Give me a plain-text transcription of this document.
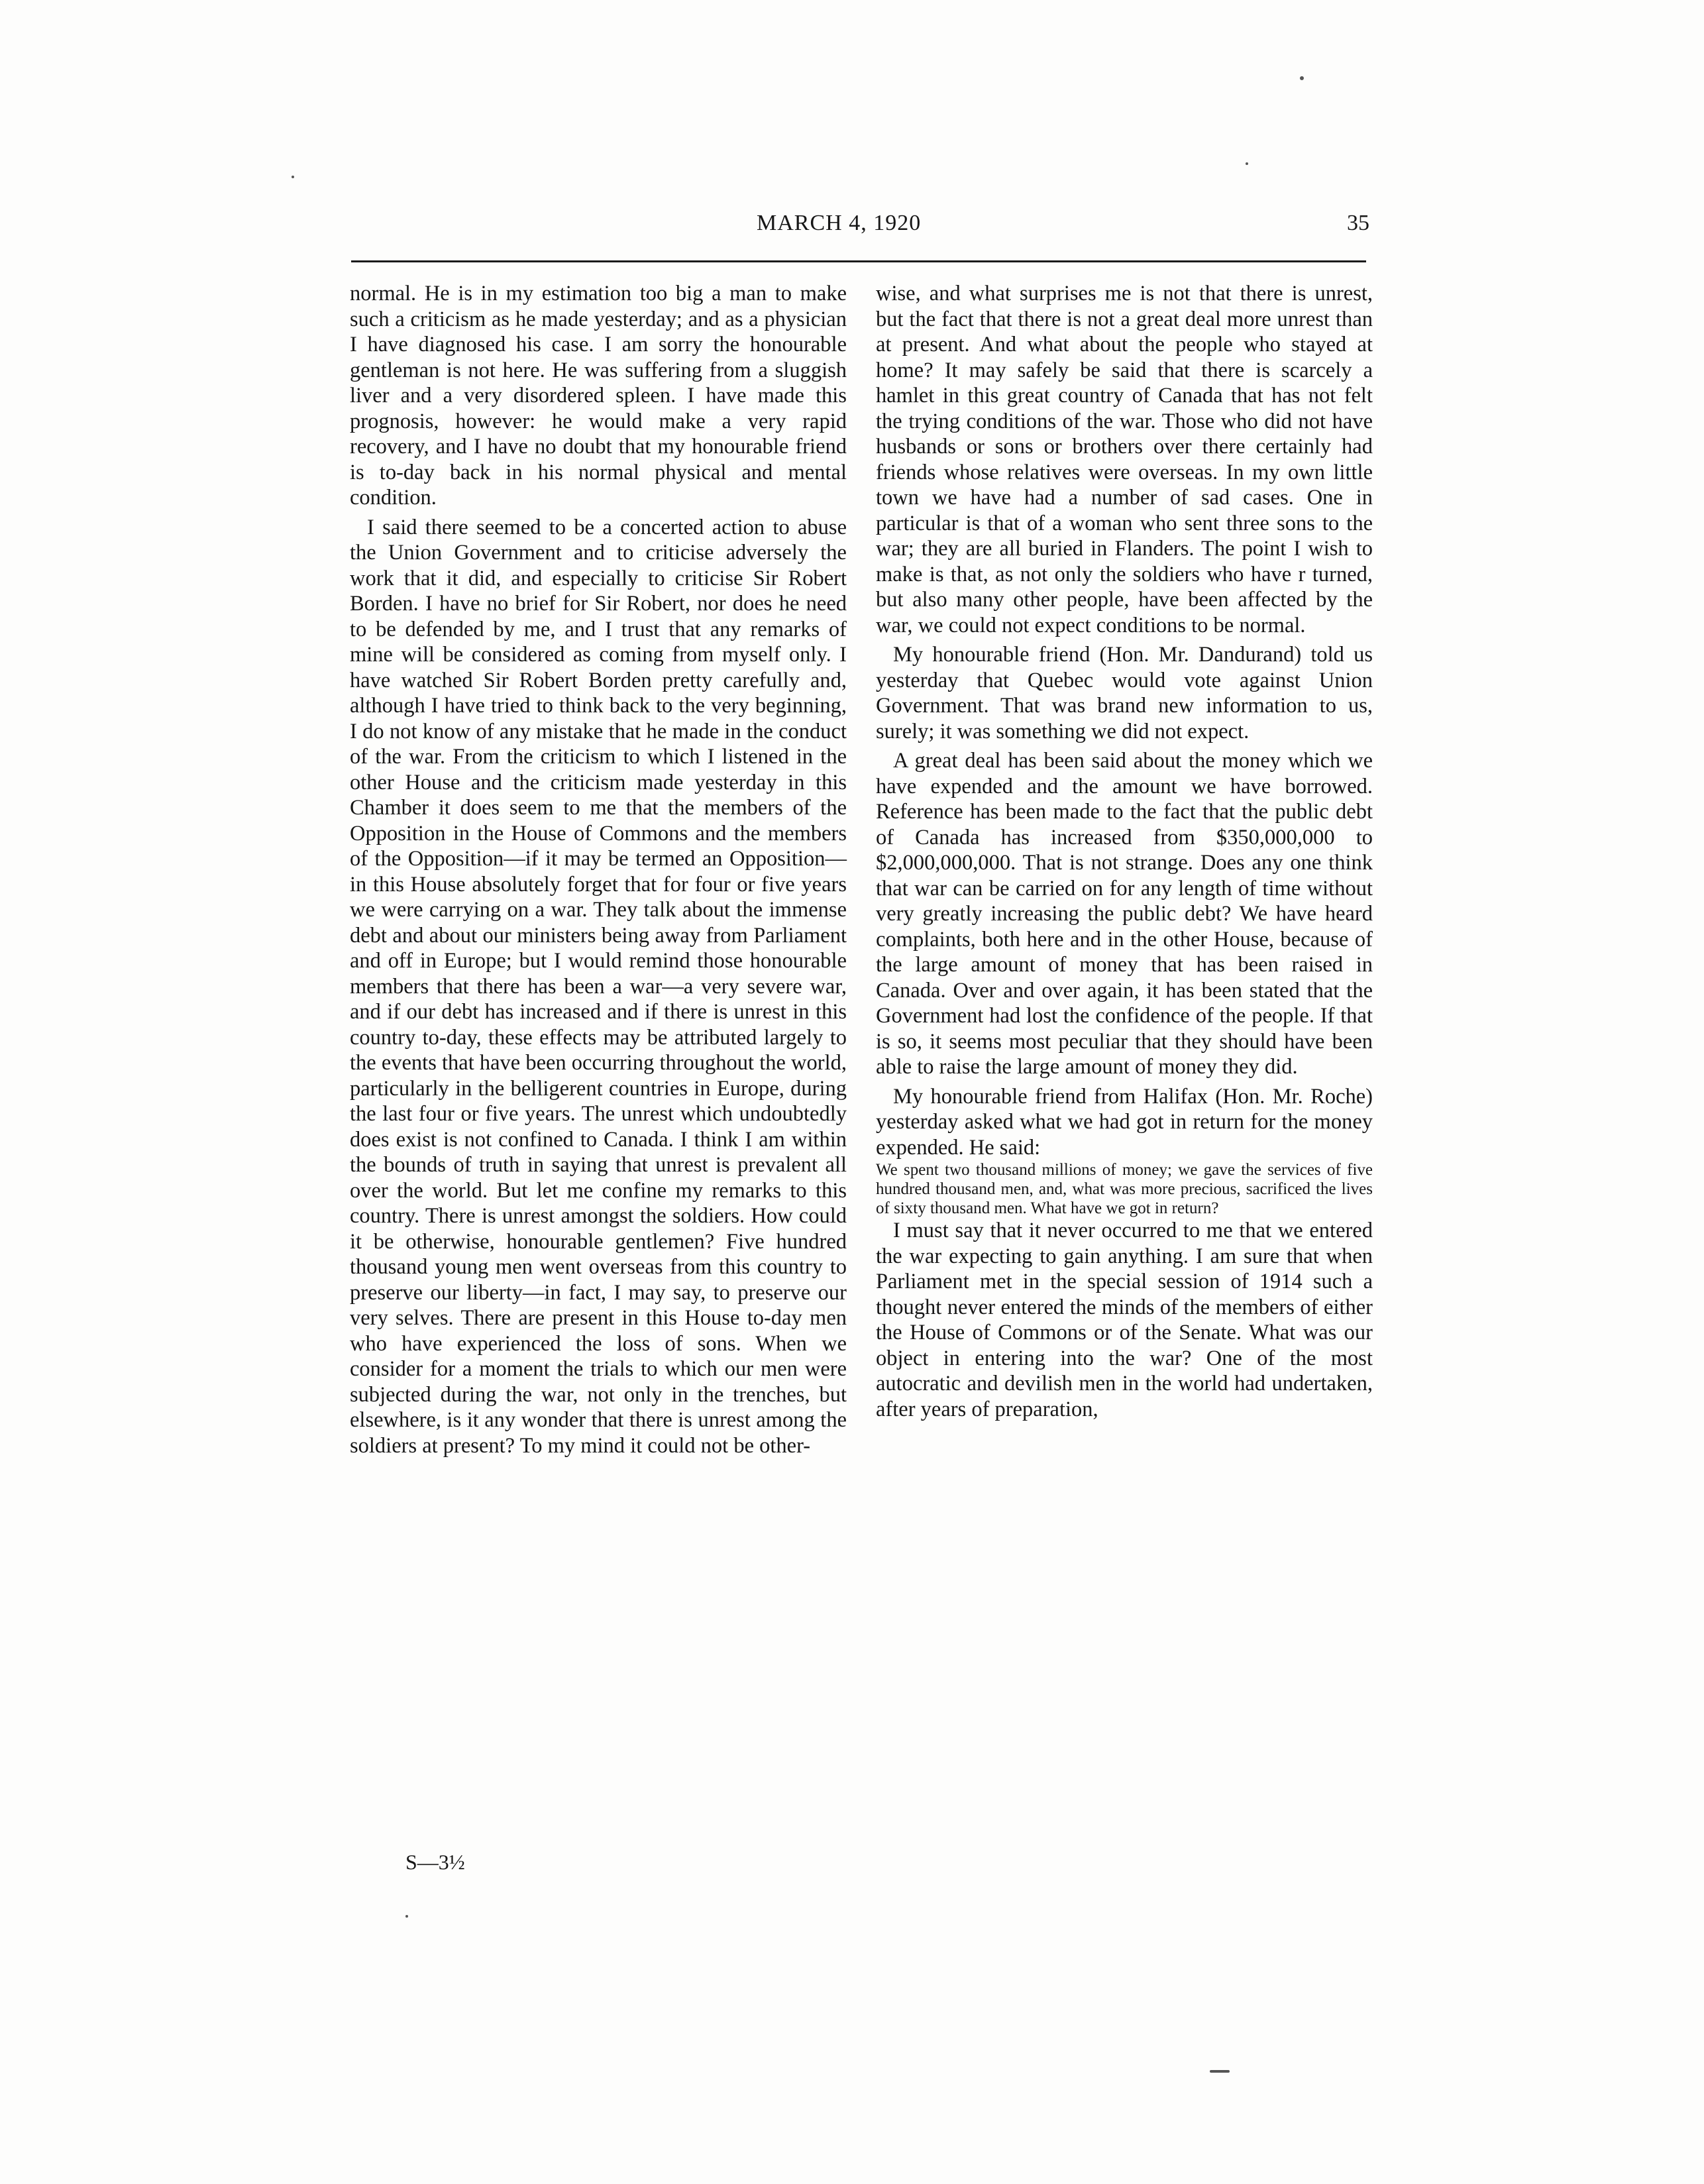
MARCH 4, 1920	35

normal. He is in my estimation too big a man to make such a criticism as he made yesterday; and as a physician I have diagnosed his case. I am sorry the honourable gentleman is not here. He was suffering from a sluggish liver and a very disordered spleen. I have made this prognosis, however: he would make a very rapid recovery, and I have no doubt that my honourable friend is to-day back in his normal physical and mental condition.

I said there seemed to be a concerted action to abuse the Union Government and to criticise adversely the work that it did, and especially to criticise Sir Robert Borden. I have no brief for Sir Robert, nor does he need to be defended by me, and I trust that any remarks of mine will be considered as coming from myself only. I have watched Sir Robert Borden pretty carefully and, although I have tried to think back to the very beginning, I do not know of any mistake that he made in the conduct of the war. From the criticism to which I listened in the other House and the criticism made yesterday in this Chamber it does seem to me that the members of the Opposition in the House of Commons and the members of the Opposition—if it may be termed an Opposition—in this House absolutely forget that for four or five years we were carrying on a war. They talk about the immense debt and about our ministers being away from Parliament and off in Europe; but I would remind those honourable members that there has been a war—a very severe war, and if our debt has increased and if there is unrest in this country to-day, these effects may be attributed largely to the events that have been occurring throughout the world, particularly in the belligerent countries in Europe, during the last four or five years. The unrest which undoubtedly does exist is not confined to Canada. I think I am within the bounds of truth in saying that unrest is prevalent all over the world. But let me confine my remarks to this country. There is unrest amongst the soldiers. How could it be otherwise, honourable gentlemen? Five hundred thousand young men went overseas from this country to preserve our liberty—in fact, I may say, to preserve our very selves. There are present in this House to-day men who have experienced the loss of sons. When we consider for a moment the trials to which our men were subjected during the war, not only in the trenches, but elsewhere, is it any wonder that there is unrest among the soldiers at present? To my mind it could not be other-

wise, and what surprises me is not that there is unrest, but the fact that there is not a great deal more unrest than at present. And what about the people who stayed at home? It may safely be said that there is scarcely a hamlet in this great country of Canada that has not felt the trying conditions of the war. Those who did not have husbands or sons or brothers over there certainly had friends whose relatives were overseas. In my own little town we have had a number of sad cases. One in particular is that of a woman who sent three sons to the war; they are all buried in Flanders. The point I wish to make is that, as not only the soldiers who have r turned, but also many other people, have been affected by the war, we could not expect conditions to be normal.

My honourable friend (Hon. Mr. Dandurand) told us yesterday that Quebec would vote against Union Government. That was brand new information to us, surely; it was something we did not expect.

A great deal has been said about the money which we have expended and the amount we have borrowed. Reference has been made to the fact that the public debt of Canada has increased from $350,000,000 to $2,000,000,000. That is not strange. Does any one think that war can be carried on for any length of time without very greatly increasing the public debt? We have heard complaints, both here and in the other House, because of the large amount of money that has been raised in Canada. Over and over again, it has been stated that the Government had lost the confidence of the people. If that is so, it seems most peculiar that they should have been able to raise the large amount of money they did.

My honourable friend from Halifax (Hon. Mr. Roche) yesterday asked what we had got in return for the money expended. He said:

We spent two thousand millions of money; we gave the services of five hundred thousand men, and, what was more precious, sacrificed the lives of sixty thousand men. What have we got in return?

I must say that it never occurred to me that we entered the war expecting to gain anything. I am sure that when Parliament met in the special session of 1914 such a thought never entered the minds of the members of either the House of Commons or of the Senate. What was our object in entering into the war? One of the most autocratic and devilish men in the world had undertaken, after years of preparation,

S—3½
